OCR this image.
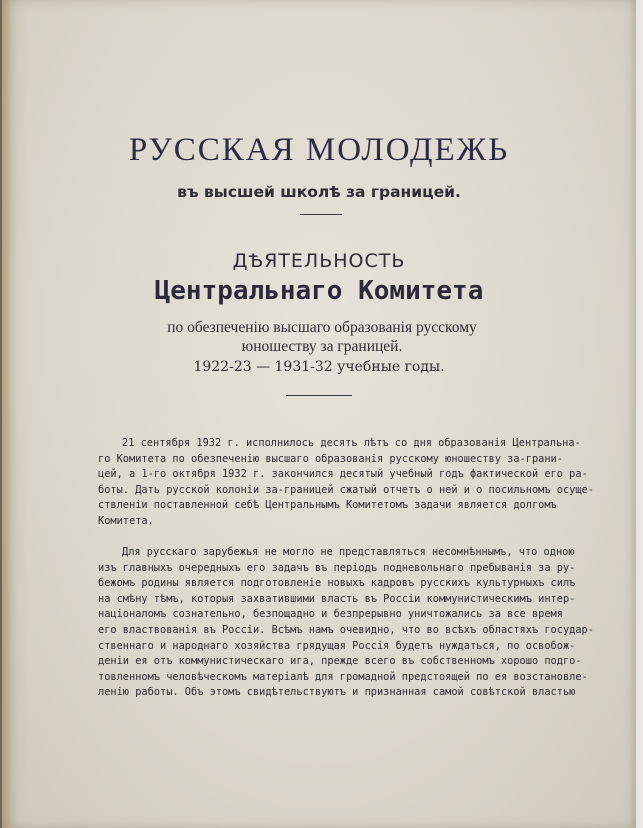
РУССКАЯ МОЛОДЕЖЬ

въ высшей школѣ за границей.

ДѢЯТЕЛЬНОСТЬ

Центральнаго Комитета

по обезпеченію высшаго образованія русскому
юношеству за границей.

1922-23 — 1931-32 учебные годы.

21 сентября 1932 г. исполнилось десять лѣтъ со дня образованія Центральна-
го Комитета по обезпеченію высшаго образованія русскому юношеству за-грани-
цей, а 1-го октября 1932 г. закончился десятый учебный годъ фактической его ра-
боты. Дать русской колоніи за-границей сжатый отчетъ о ней и о посильномъ осуще-
ствленіи поставленной себѣ Центральнымъ Комитетомъ задачи является долгомъ
Комитета.
Для русскаго зарубежья не могло не представляться несомнѣннымъ, что одною
изъ главныхъ очередныхъ его задачъ въ періодъ подневольнаго пребыванія за ру-
бежомъ родины является подготовленіе новыхъ кадровъ русскихъ культурныхъ силъ
на смѣну тѣмъ, которыя захватившими власть въ Россіи коммунистическимъ интер-
націоналомъ сознательно, безпощадно и безпрерывно уничтожались за все время
его властвованія въ Россіи. Всѣмъ намъ очевидно, что во всѣхъ областяхъ государ-
ственнаго и народнаго хозяйства грядущая Россія будетъ нуждаться, по освобож-
деніи ея отъ коммунистическаго ига, прежде всего въ собственномъ хорошо подго-
товленномъ человѣческомъ матеріалѣ для громадной предстоящей по ея возстановле-
ленію работы. Объ этомъ свидѣтельствуютъ и признанная самой совѣтской властью
